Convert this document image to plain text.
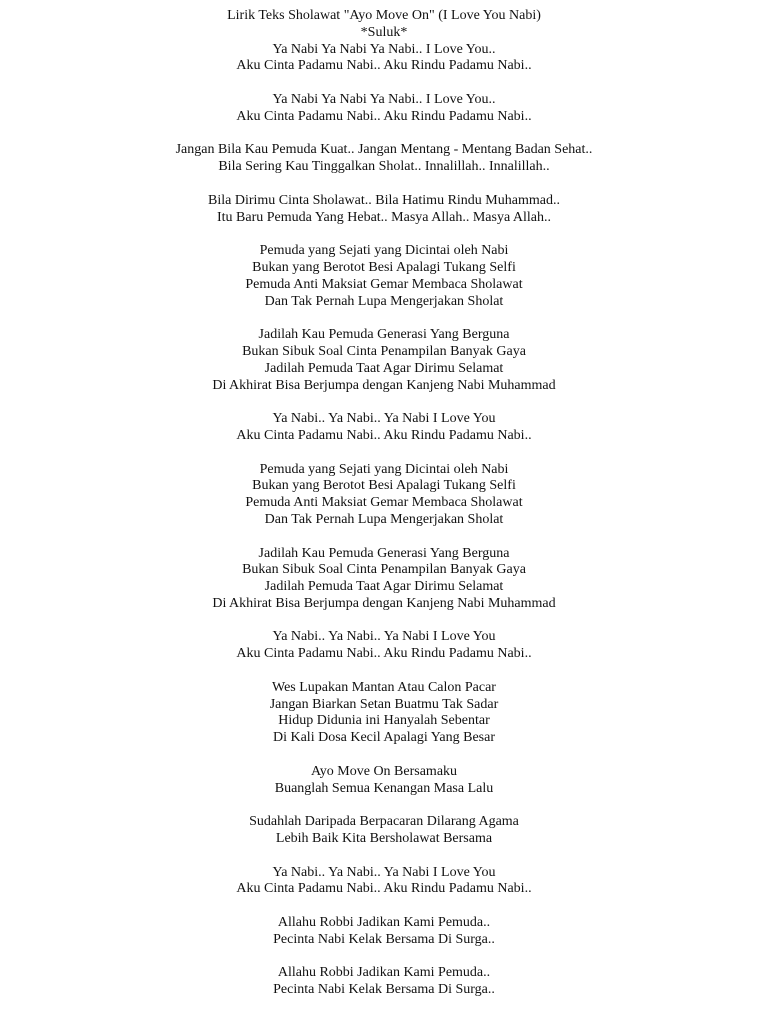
Lirik Teks Sholawat "Ayo Move On" (I Love You Nabi)
*Suluk*
Ya Nabi Ya Nabi Ya Nabi.. I Love You..
Aku Cinta Padamu Nabi.. Aku Rindu Padamu Nabi..
Ya Nabi Ya Nabi Ya Nabi.. I Love You..
Aku Cinta Padamu Nabi.. Aku Rindu Padamu Nabi..
Jangan Bila Kau Pemuda Kuat.. Jangan Mentang - Mentang Badan Sehat..
Bila Sering Kau Tinggalkan Sholat.. Innalillah.. Innalillah..
Bila Dirimu Cinta Sholawat.. Bila Hatimu Rindu Muhammad..
Itu Baru Pemuda Yang Hebat.. Masya Allah.. Masya Allah..
Pemuda yang Sejati yang Dicintai oleh Nabi
Bukan yang Berotot Besi Apalagi Tukang Selfi
Pemuda Anti Maksiat Gemar Membaca Sholawat
Dan Tak Pernah Lupa Mengerjakan Sholat
Jadilah Kau Pemuda Generasi Yang Berguna
Bukan Sibuk Soal Cinta Penampilan Banyak Gaya
Jadilah Pemuda Taat Agar Dirimu Selamat
Di Akhirat Bisa Berjumpa dengan Kanjeng Nabi Muhammad
Ya Nabi.. Ya Nabi.. Ya Nabi I Love You
Aku Cinta Padamu Nabi.. Aku Rindu Padamu Nabi..
Pemuda yang Sejati yang Dicintai oleh Nabi
Bukan yang Berotot Besi Apalagi Tukang Selfi
Pemuda Anti Maksiat Gemar Membaca Sholawat
Dan Tak Pernah Lupa Mengerjakan Sholat
Jadilah Kau Pemuda Generasi Yang Berguna
Bukan Sibuk Soal Cinta Penampilan Banyak Gaya
Jadilah Pemuda Taat Agar Dirimu Selamat
Di Akhirat Bisa Berjumpa dengan Kanjeng Nabi Muhammad
Ya Nabi.. Ya Nabi.. Ya Nabi I Love You
Aku Cinta Padamu Nabi.. Aku Rindu Padamu Nabi..
Wes Lupakan Mantan Atau Calon Pacar
Jangan Biarkan Setan Buatmu Tak Sadar
Hidup Didunia ini Hanyalah Sebentar
Di Kali Dosa Kecil Apalagi Yang Besar
Ayo Move On Bersamaku
Buanglah Semua Kenangan Masa Lalu
Sudahlah Daripada Berpacaran Dilarang Agama
Lebih Baik Kita Bersholawat Bersama
Ya Nabi.. Ya Nabi.. Ya Nabi I Love You
Aku Cinta Padamu Nabi.. Aku Rindu Padamu Nabi..
Allahu Robbi Jadikan Kami Pemuda..
Pecinta Nabi Kelak Bersama Di Surga..
Allahu Robbi Jadikan Kami Pemuda..
Pecinta Nabi Kelak Bersama Di Surga..
